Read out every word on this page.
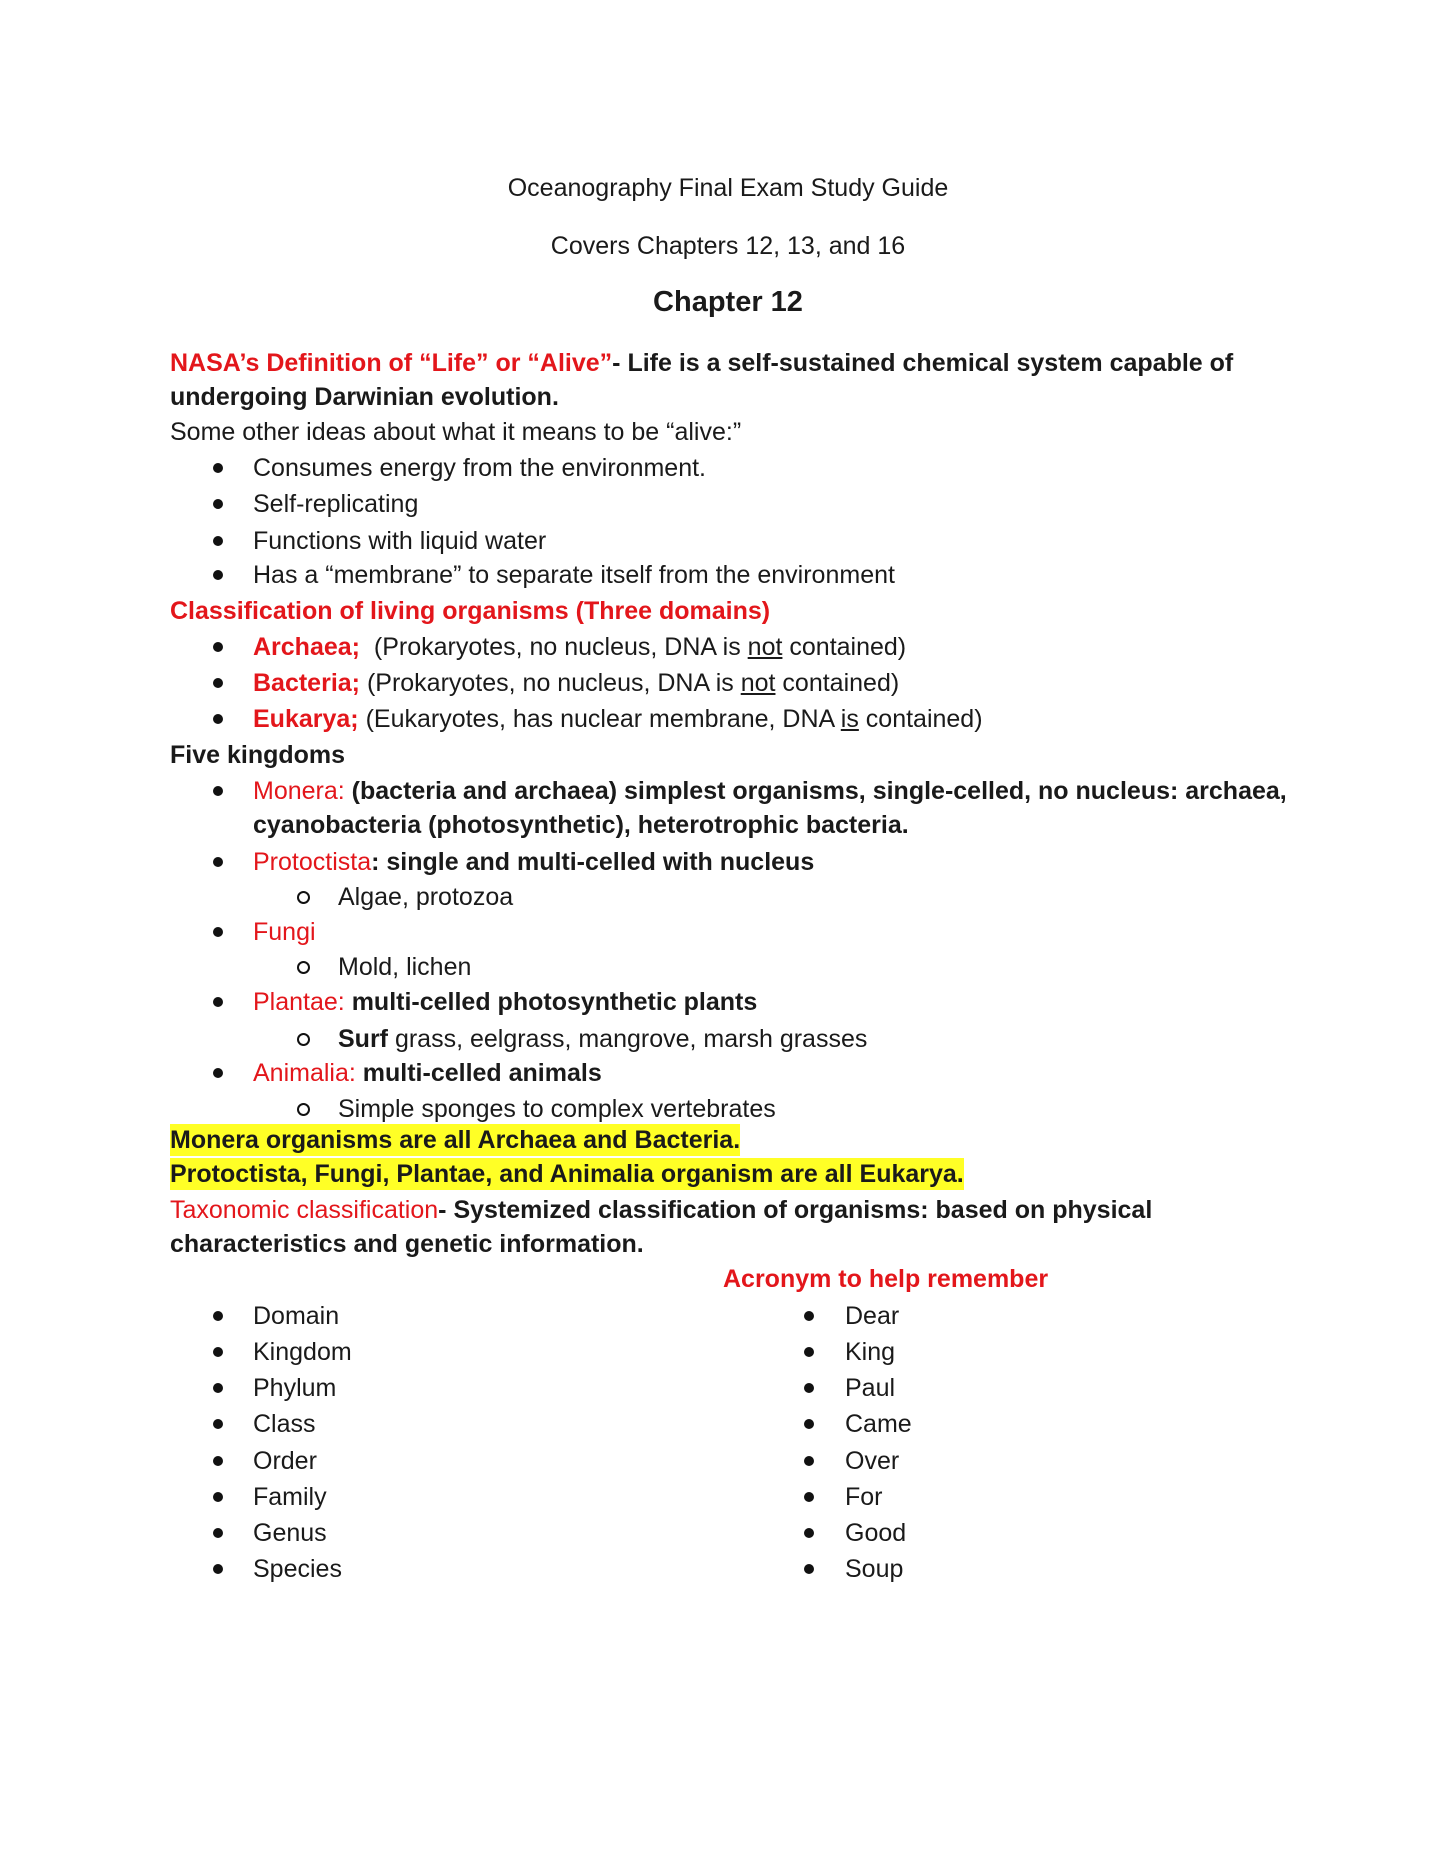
Oceanography Final Exam Study Guide
Covers Chapters 12, 13, and 16
Chapter 12
NASA’s Definition of “Life” or “Alive”- Life is a self-sustained chemical system capable of
undergoing Darwinian evolution.
Some other ideas about what it means to be “alive:”
Consumes energy from the environment.
Self-replicating
Functions with liquid water
Has a “membrane” to separate itself from the environment
Classification of living organisms (Three domains)
Archaea;  (Prokaryotes, no nucleus, DNA is not contained)
Bacteria; (Prokaryotes, no nucleus, DNA is not contained)
Eukarya; (Eukaryotes, has nuclear membrane, DNA is contained)
Five kingdoms
Monera: (bacteria and archaea) simplest organisms, single-celled, no nucleus: archaea,
cyanobacteria (photosynthetic), heterotrophic bacteria.
Protoctista: single and multi-celled with nucleus
Algae, protozoa
Fungi
Mold, lichen
Plantae: multi-celled photosynthetic plants
Surf grass, eelgrass, mangrove, marsh grasses
Animalia: multi-celled animals
Simple sponges to complex vertebrates
Monera organisms are all Archaea and Bacteria.
Protoctista, Fungi, Plantae, and Animalia organism are all Eukarya.
Taxonomic classification- Systemized classification of organisms: based on physical
characteristics and genetic information.
Acronym to help remember
Domain
Kingdom
Phylum
Class
Order
Family
Genus
Species
Dear
King
Paul
Came
Over
For
Good
Soup
